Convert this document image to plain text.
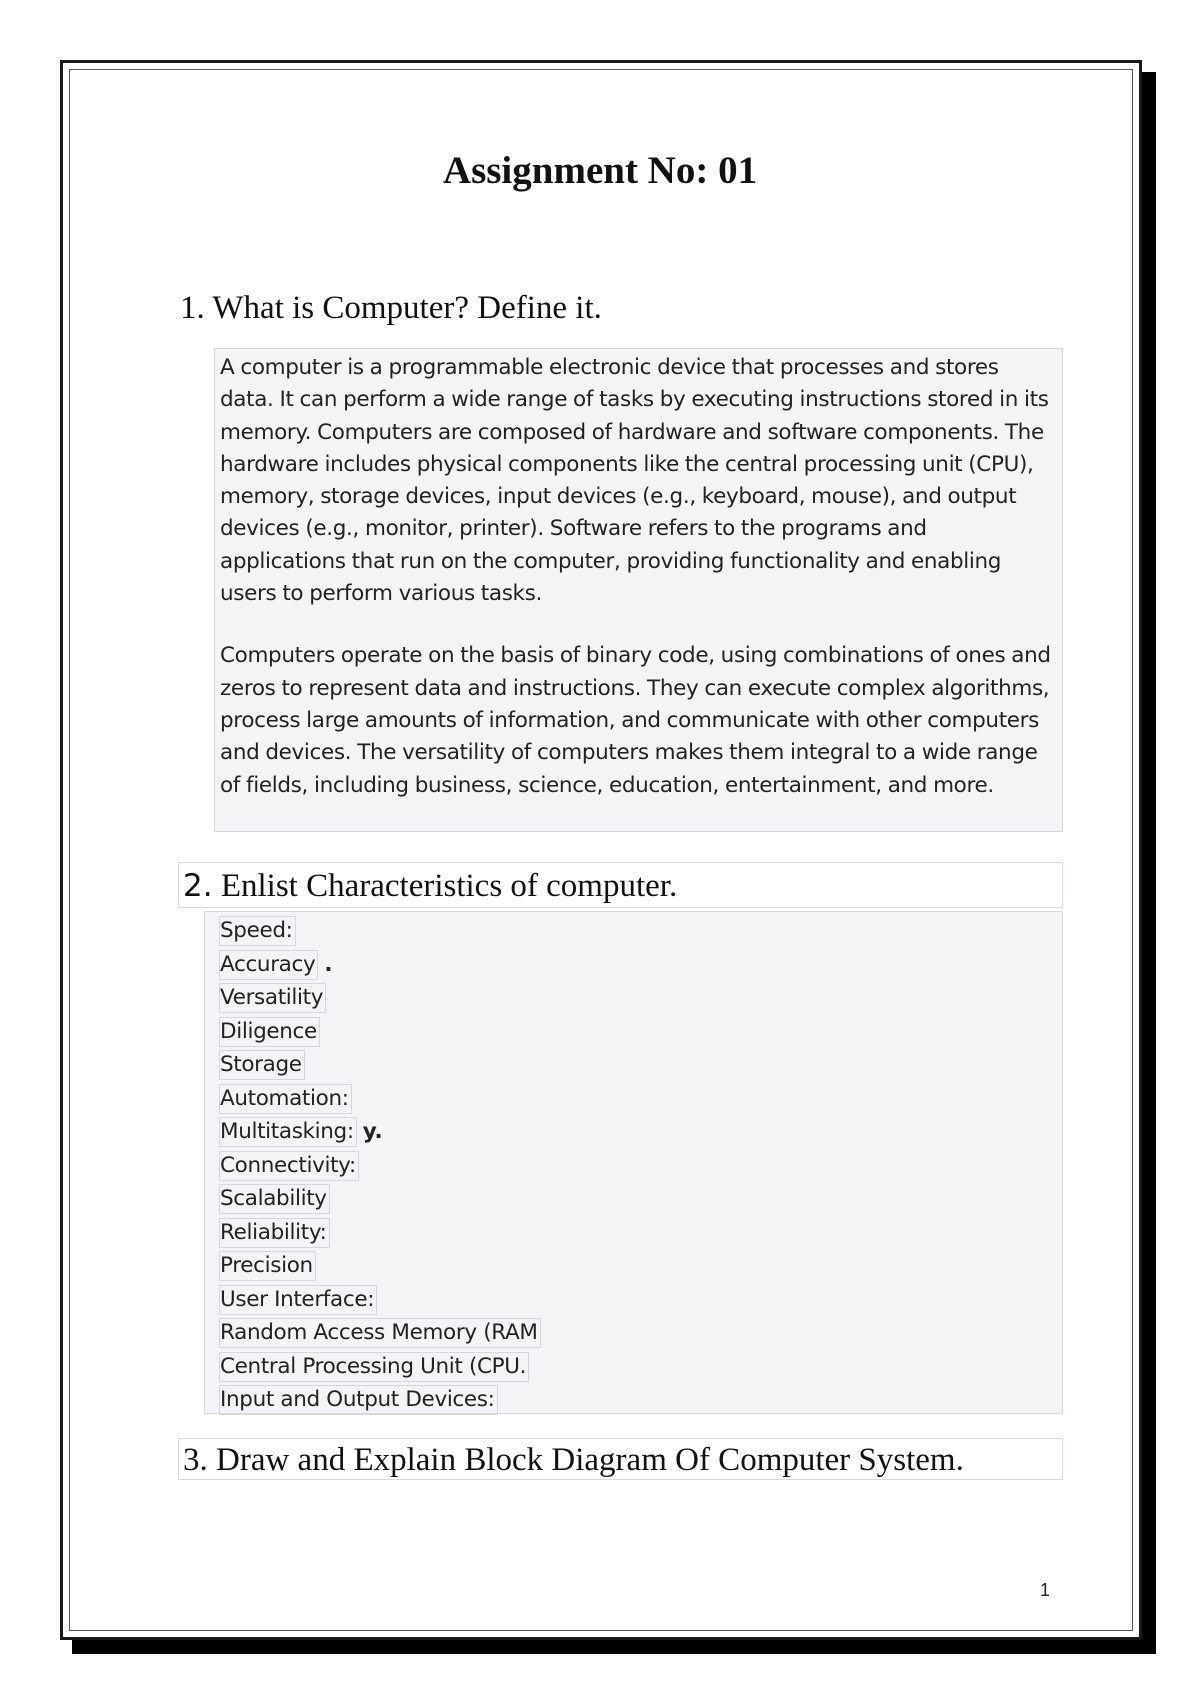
Assignment No: 01
1. What is Computer? Define it.

A computer is a programmable electronic device that processes and stores data. It can perform a wide range of tasks by executing instructions stored in its memory. Computers are composed of hardware and software components. The hardware includes physical components like the central processing unit (CPU), memory, storage devices, input devices (e.g., keyboard, mouse), and output devices (e.g., monitor, printer). Software refers to the programs and applications that run on the computer, providing functionality and enabling users to perform various tasks.

Computers operate on the basis of binary code, using combinations of ones and zeros to represent data and instructions. They can execute complex algorithms, process large amounts of information, and communicate with other computers and devices. The versatility of computers makes them integral to a wide range of fields, including business, science, education, entertainment, and more.

2. Enlist Characteristics of computer.
Speed:
Accuracy .
Versatility
Diligence
Storage
Automation:
Multitasking: y.
Connectivity:
Scalability
Reliability:
Precision
User Interface:
Random Access Memory (RAM
Central Processing Unit (CPU.
Input and Output Devices:
3. Draw and Explain Block Diagram Of Computer System.
1
